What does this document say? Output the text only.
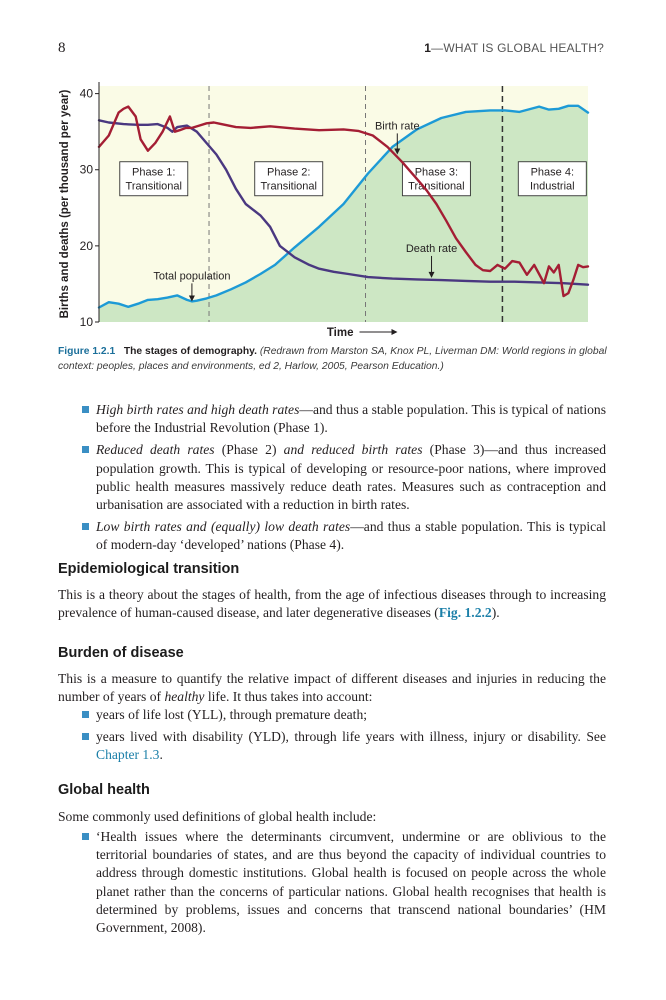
8	1—WHAT IS GLOBAL HEALTH?
Phase 1:
Transitional
Phase 2:
Transitional
Phase 3:
Transitional
Phase 4:
Industrial
Birth rate
Death rate
Total population
10
20
30
40
Births and deaths (per thousand per year)
Time
Figure 1.2.1 The stages of demography. (Redrawn from Marston SA, Knox PL, Liverman DM: World regions in global context: peoples, places and environments, ed 2, Harlow, 2005, Pearson Education.)
High birth rates and high death rates—and thus a stable population. This is typical of nations before the Industrial Revolution (Phase 1).
Reduced death rates (Phase 2) and reduced birth rates (Phase 3)—and thus increased population growth. This is typical of developing or resource-poor nations, where improved public health measures massively reduce death rates. Measures such as contraception and urbanisation are associated with a reduction in birth rates.
Low birth rates and (equally) low death rates—and thus a stable population. This is typical of modern-day ‘developed’ nations (Phase 4).
Epidemiological transition

This is a theory about the stages of health, from the age of infectious diseases through to increasing prevalence of human-caused disease, and later degenerative diseases (Fig. 1.2.2).

Burden of disease

This is a measure to quantify the relative impact of different diseases and injuries in reducing the number of years of healthy life. It thus takes into account:

years of life lost (YLL), through premature death;
years lived with disability (YLD), through life years with illness, injury or disability. See Chapter 1.3.
Global health

Some commonly used definitions of global health include:

‘Health issues where the determinants circumvent, undermine or are oblivious to the territorial boundaries of states, and are thus beyond the capacity of individual countries to address through domestic institutions. Global health is focused on people across the whole planet rather than the concerns of particular nations. Global health recognises that health is determined by problems, issues and concerns that transcend national boundaries’ (HM Government, 2008).
